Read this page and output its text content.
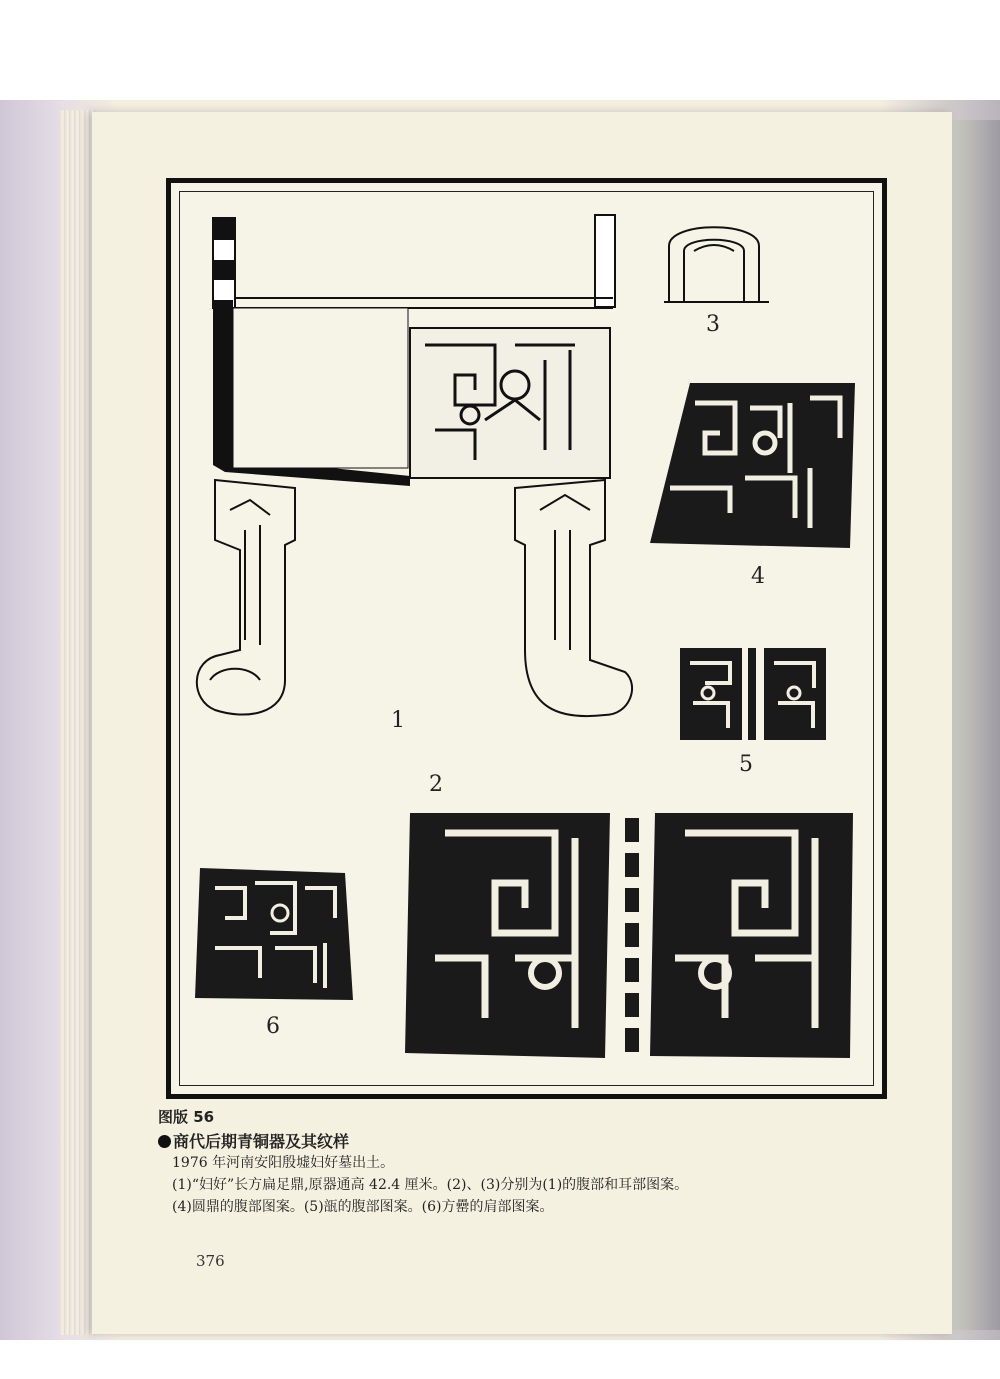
1
2
3
4
5
6
图版 56
商代后期青铜器及其纹样
1976 年河南安阳殷墟妇好墓出土。
(1)“妇好”长方扁足鼎,原器通高 42.4 厘米。(2)、(3)分别为(1)的腹部和耳部图案。
(4)圆鼎的腹部图案。(5)瓿的腹部图案。(6)方罍的肩部图案。
376
